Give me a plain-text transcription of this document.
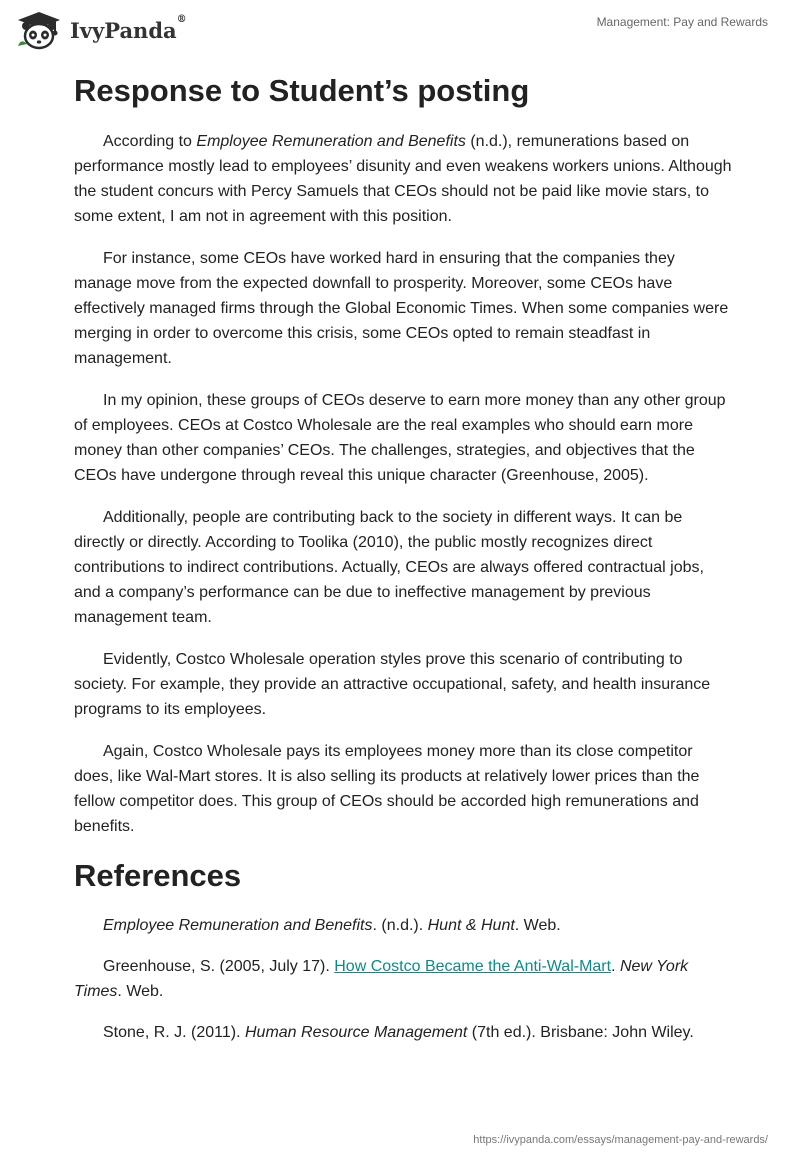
IvyPanda®	Management: Pay and Rewards
Response to Student’s posting

According to Employee Remuneration and Benefits (n.d.), remunerations based on performance mostly lead to employees’ disunity and even weakens workers unions. Although the student concurs with Percy Samuels that CEOs should not be paid like movie stars, to some extent, I am not in agreement with this position.

For instance, some CEOs have worked hard in ensuring that the companies they manage move from the expected downfall to prosperity. Moreover, some CEOs have effectively managed firms through the Global Economic Times. When some companies were merging in order to overcome this crisis, some CEOs opted to remain steadfast in management.

In my opinion, these groups of CEOs deserve to earn more money than any other group of employees. CEOs at Costco Wholesale are the real examples who should earn more money than other companies’ CEOs. The challenges, strategies, and objectives that the CEOs have undergone through reveal this unique character (Greenhouse, 2005).

Additionally, people are contributing back to the society in different ways. It can be directly or directly. According to Toolika (2010), the public mostly recognizes direct contributions to indirect contributions. Actually, CEOs are always offered contractual jobs, and a company’s performance can be due to ineffective management by previous management team.

Evidently, Costco Wholesale operation styles prove this scenario of contributing to society. For example, they provide an attractive occupational, safety, and health insurance programs to its employees.

Again, Costco Wholesale pays its employees money more than its close competitor does, like Wal-Mart stores. It is also selling its products at relatively lower prices than the fellow competitor does. This group of CEOs should be accorded high remunerations and benefits.

References

Employee Remuneration and Benefits. (n.d.). Hunt & Hunt. Web.

Greenhouse, S. (2005, July 17). How Costco Became the Anti-Wal-Mart. New York Times. Web.

Stone, R. J. (2011). Human Resource Management (7th ed.). Brisbane: John Wiley.

https://ivypanda.com/essays/management-pay-and-rewards/
